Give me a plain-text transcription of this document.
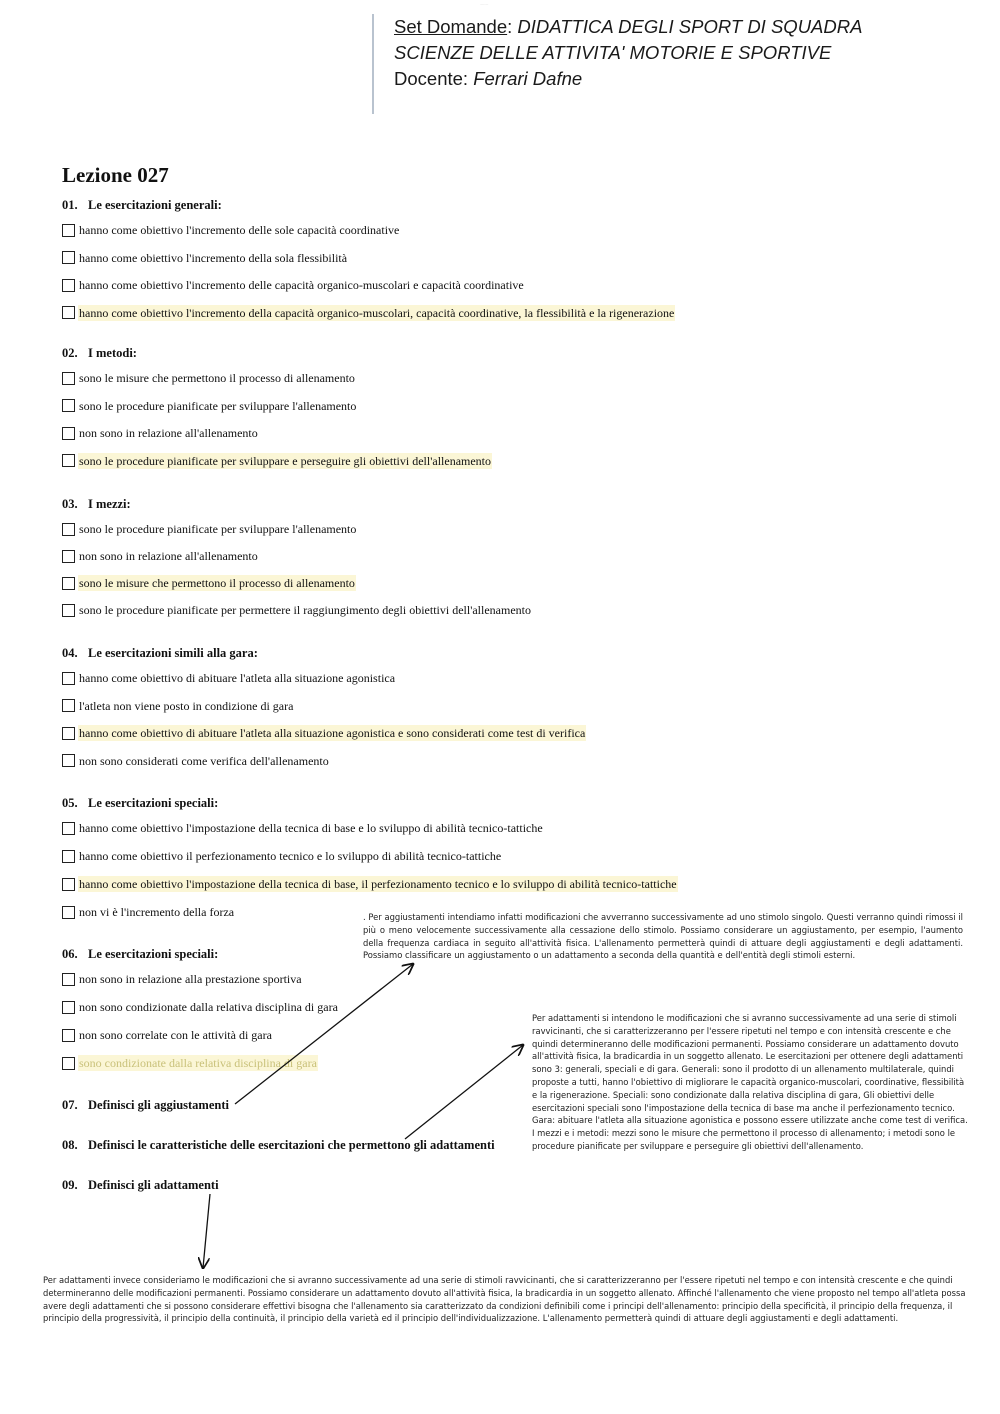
..........
Set Domande: DIDATTICA DEGLI SPORT DI SQUADRA
SCIENZE DELLE ATTIVITA' MOTORIE E SPORTIVE
Docente: Ferrari Dafne
Lezione 027
01. Le esercitazioni generali:
hanno come obiettivo l'incremento delle sole capacità coordinative
hanno come obiettivo l'incremento della sola flessibilità
hanno come obiettivo l'incremento delle capacità organico-muscolari e capacità coordinative
hanno come obiettivo l'incremento della capacità organico-muscolari, capacità coordinative, la flessibilità e la rigenerazione
02. I metodi:
sono le misure che permettono il processo di allenamento
sono le procedure pianificate per sviluppare l'allenamento
non sono in relazione all'allenamento
sono le procedure pianificate per sviluppare e perseguire gli obiettivi dell'allenamento
03. I mezzi:
sono le procedure pianificate per sviluppare l'allenamento
non sono in relazione all'allenamento
sono le misure che permettono il processo di allenamento
sono le procedure pianificate per permettere il raggiungimento degli obiettivi dell'allenamento
04. Le esercitazioni simili alla gara:
hanno come obiettivo di abituare l'atleta alla situazione agonistica
l'atleta non viene posto in condizione di gara
hanno come obiettivo di abituare l'atleta alla situazione agonistica e sono considerati come test di verifica
non sono considerati come verifica dell'allenamento
05. Le esercitazioni speciali:
hanno come obiettivo l'impostazione della tecnica di base e lo sviluppo di abilità tecnico-tattiche
hanno come obiettivo il perfezionamento tecnico e lo sviluppo di abilità tecnico-tattiche
hanno come obiettivo l'impostazione della tecnica di base, il perfezionamento tecnico e lo sviluppo di abilità tecnico-tattiche
non vi è l'incremento della forza
06. Le esercitazioni speciali:
non sono in relazione alla prestazione sportiva
non sono condizionate dalla relativa disciplina di gara
non sono correlate con le attività di gara
sono condizionate dalla relativa disciplina di gara
07. Definisci gli aggiustamenti
08. Definisci le caratteristiche delle esercitazioni che permettono gli adattamenti
09. Definisci gli adattamenti
. Per aggiustamenti intendiamo infatti modificazioni che avverranno successivamente ad uno stimolo singolo. Questi verranno quindi rimossi il più o meno velocemente successivamente alla cessazione dello stimolo. Possiamo considerare un aggiustamento, per esempio, l'aumento della frequenza cardiaca in seguito all'attività fisica. L'allenamento permetterà quindi di attuare degli aggiustamenti e degli adattamenti. Possiamo classificare un aggiustamento o un adattamento a seconda della quantità e dell'entità degli stimoli esterni.
Per adattamenti si intendono le modificazioni che si avranno successivamente ad una serie di stimoli ravvicinanti, che si caratterizzeranno per l'essere ripetuti nel tempo e con intensità crescente e che quindi determineranno delle modificazioni permanenti. Possiamo considerare un adattamento dovuto all'attività fisica, la bradicardia in un soggetto allenato. Le esercitazioni per ottenere degli adattamenti sono 3: generali, speciali e di gara. Generali: sono il prodotto di un allenamento multilaterale, quindi proposte a tutti, hanno l'obiettivo di migliorare le capacità organico-muscolari, coordinative, flessibilità e la rigenerazione. Speciali: sono condizionate dalla relativa disciplina di gara, Gli obiettivi delle esercitazioni speciali sono l'impostazione della tecnica di base ma anche il perfezionamento tecnico. Gara: abituare l'atleta alla situazione agonistica e possono essere utilizzate anche come test di verifica. I mezzi e i metodi: mezzi sono le misure che permettono il processo di allenamento; i metodi sono le procedure pianificate per sviluppare e perseguire gli obiettivi dell'allenamento.
Per adattamenti invece consideriamo le modificazioni che si avranno successivamente ad una serie di stimoli ravvicinanti, che si caratterizzeranno per l'essere ripetuti nel tempo e con intensità crescente e che quindi determineranno delle modificazioni permanenti. Possiamo considerare un adattamento dovuto all'attività fisica, la bradicardia in un soggetto allenato. Affinché l'allenamento che viene proposto nel tempo all'atleta possa avere degli adattamenti che si possono considerare effettivi bisogna che l'allenamento sia caratterizzato da condizioni definibili come i principi dell'allenamento: principio della specificità, il principio della frequenza, il principio della progressività, il principio della continuità, il principio della varietà ed il principio dell'individualizzazione. L'allenamento permetterà quindi di attuare degli aggiustamenti e degli adattamenti.
